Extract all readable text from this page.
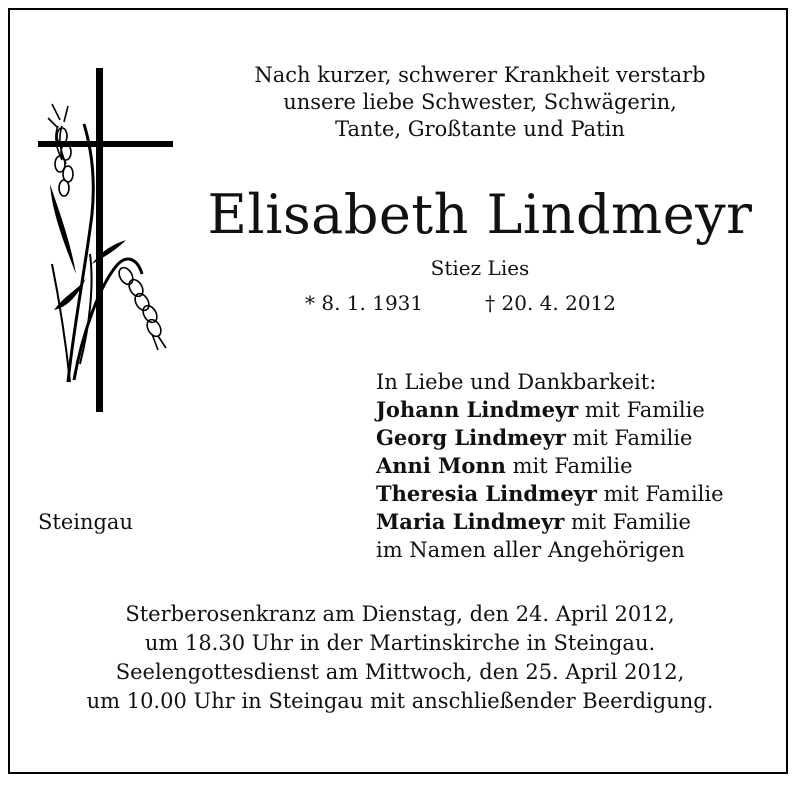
Nach kurzer, schwerer Krankheit verstarb
unsere liebe Schwester, Schwägerin,
Tante, Großtante und Patin
Elisabeth Lindmeyr
Stiez Lies
* 8. 1. 1931	† 20. 4. 2012
In Liebe und Dankbarkeit:
Johann Lindmeyr mit Familie
Georg Lindmeyr mit Familie
Anni Monn mit Familie
Theresia Lindmeyr mit Familie
Maria Lindmeyr mit Familie
im Namen aller Angehörigen
Steingau
Sterberosenkranz am Dienstag, den 24. April 2012,
um 18.30 Uhr in der Martinskirche in Steingau.
Seelengottesdienst am Mittwoch, den 25. April 2012,
um 10.00 Uhr in Steingau mit anschließender Beerdigung.
